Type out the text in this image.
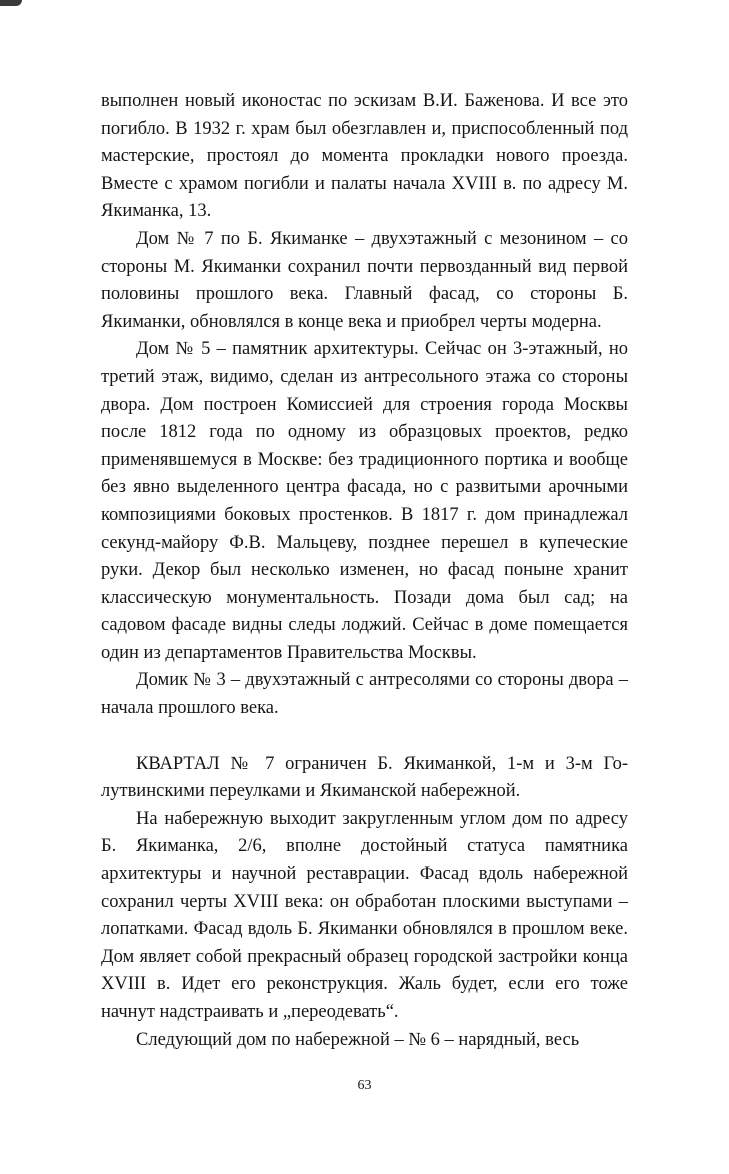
выполнен новый иконостас по эскизам В.И. Баженова. И все это погибло. В 1932 г. храм был обезглавлен и, приспособленный под мастерские, простоял до момента прокладки нового проезда. Вместе с храмом погибли и палаты начала XVIII в. по адресу М. Якиманка, 13.

Дом № 7 по Б. Якиманке – двухэтажный с мезонином – со стороны М. Якиманки сохранил почти первозданный вид первой половины прошлого века. Главный фасад, со стороны Б. Якиманки, обновлялся в конце века и приобрел черты модерна.

Дом № 5 – памятник архитектуры. Сейчас он 3-этажный, но третий этаж, видимо, сделан из антресольного этажа со стороны двора. Дом построен Комиссией для строения города Москвы после 1812 года по одному из образцовых проектов, редко применявшемуся в Москве: без традиционного портика и вообще без явно выделенного центра фасада, но с развитыми арочными композициями боковых простенков. В 1817 г. дом принадлежал секунд-майору Ф.В. Мальцеву, позднее перешел в купеческие руки. Декор был несколько изменен, но фасад поныне хранит классическую монументальность. Позади дома был сад; на садовом фасаде видны следы лоджий. Сейчас в доме помещается один из департаментов Правительства Москвы.

Домик № 3 – двухэтажный с антресолями со стороны двора – начала прошлого века.

КВАРТАЛ № 7 ограничен Б. Якиманкой, 1-м и 3-м Голутвинскими переулками и Якиманской набережной.

На набережную выходит закругленным углом дом по адресу Б. Якиманка, 2/6, вполне достойный статуса памятника архитектуры и научной реставрации. Фасад вдоль набережной сохранил черты XVIII века: он обработан плоскими выступами – лопатками. Фасад вдоль Б. Якиманки обновлялся в прошлом веке. Дом являет собой прекрасный образец городской застройки конца XVIII в. Идет его реконструкция. Жаль будет, если его тоже начнут надстраивать и „переодевать“.

Следующий дом по набережной – № 6 – нарядный, весь

63
